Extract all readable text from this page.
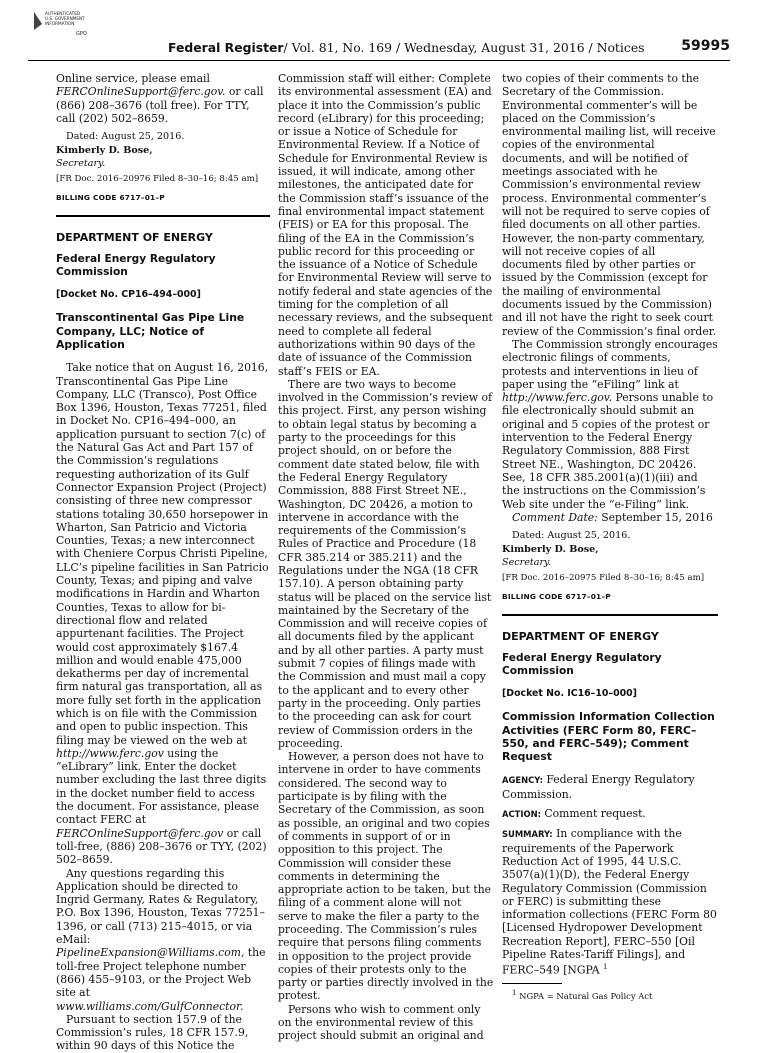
AUTHENTICATED
U.S. GOVERNMENT
INFORMATION
GPO
Federal Register/ Vol. 81, No. 169 / Wednesday, August 31, 2016 / Notices	59995

Online service, please email FERCOnlineSupport@ferc.gov. or call (866) 208–3676 (toll free). For TTY, call (202) 502–8659.

Dated: August 25, 2016.

Kimberly D. Bose,

Secretary.

[FR Doc. 2016–20976 Filed 8–30–16; 8:45 am]

BILLING CODE 6717–01–P

DEPARTMENT OF ENERGY

Federal Energy Regulatory Commission

[Docket No. CP16–494–000]

Transcontinental Gas Pipe Line Company, LLC; Notice of Application

Take notice that on August 16, 2016, Transcontinental Gas Pipe Line Company, LLC (Transco), Post Office Box 1396, Houston, Texas 77251, filed in Docket No. CP16–494–000, an application pursuant to section 7(c) of the Natural Gas Act and Part 157 of the Commission’s regulations requesting authorization of its Gulf Connector Expansion Project (Project) consisting of three new compressor stations totaling 30,650 horsepower in Wharton, San Patricio and Victoria Counties, Texas; a new interconnect with Cheniere Corpus Christi Pipeline, LLC’s pipeline facilities in San Patricio County, Texas; and piping and valve modifications in Hardin and Wharton Counties, Texas to allow for bi-directional flow and related appurtenant facilities. The Project would cost approximately $167.4 million and would enable 475,000 dekatherms per day of incremental firm natural gas transportation, all as more fully set forth in the application which is on file with the Commission and open to public inspection. This filing may be viewed on the web at http://www.ferc.gov using the “eLibrary” link. Enter the docket number excluding the last three digits in the docket number field to access the document. For assistance, please contact FERC at FERCOnlineSupport@ferc.gov or call toll-free, (886) 208–3676 or TYY, (202) 502–8659.

Any questions regarding this Application should be directed to Ingrid Germany, Rates & Regulatory, P.O. Box 1396, Houston, Texas 77251–1396, or call (713) 215–4015, or via eMail: PipelineExpansion@Williams.com, the toll-free Project telephone number (866) 455–9103, or the Project Web site at www.williams.com/GulfConnector.

Pursuant to section 157.9 of the Commission’s rules, 18 CFR 157.9, within 90 days of this Notice the

Commission staff will either: Complete its environmental assessment (EA) and place it into the Commission’s public record (eLibrary) for this proceeding; or issue a Notice of Schedule for Environmental Review. If a Notice of Schedule for Environmental Review is issued, it will indicate, among other milestones, the anticipated date for the Commission staff’s issuance of the final environmental impact statement (FEIS) or EA for this proposal. The filing of the EA in the Commission’s public record for this proceeding or the issuance of a Notice of Schedule for Environmental Review will serve to notify federal and state agencies of the timing for the completion of all necessary reviews, and the subsequent need to complete all federal authorizations within 90 days of the date of issuance of the Commission staff’s FEIS or EA.

There are two ways to become involved in the Commission’s review of this project. First, any person wishing to obtain legal status by becoming a party to the proceedings for this project should, on or before the comment date stated below, file with the Federal Energy Regulatory Commission, 888 First Street NE., Washington, DC 20426, a motion to intervene in accordance with the requirements of the Commission’s Rules of Practice and Procedure (18 CFR 385.214 or 385.211) and the Regulations under the NGA (18 CFR 157.10). A person obtaining party status will be placed on the service list maintained by the Secretary of the Commission and will receive copies of all documents filed by the applicant and by all other parties. A party must submit 7 copies of filings made with the Commission and must mail a copy to the applicant and to every other party in the proceeding. Only parties to the proceeding can ask for court review of Commission orders in the proceeding.

However, a person does not have to intervene in order to have comments considered. The second way to participate is by filing with the Secretary of the Commission, as soon as possible, an original and two copies of comments in support of or in opposition to this project. The Commission will consider these comments in determining the appropriate action to be taken, but the filing of a comment alone will not serve to make the filer a party to the proceeding. The Commission’s rules require that persons filing comments in opposition to the project provide copies of their protests only to the party or parties directly involved in the protest.

Persons who wish to comment only on the environmental review of this project should submit an original and

two copies of their comments to the Secretary of the Commission. Environmental commenter’s will be placed on the Commission’s environmental mailing list, will receive copies of the environmental documents, and will be notified of meetings associated with he Commission’s environmental review process. Environmental commenter’s will not be required to serve copies of filed documents on all other parties. However, the non-party commentary, will not receive copies of all documents filed by other parties or issued by the Commission (except for the mailing of environmental documents issued by the Commission) and ill not have the right to seek court review of the Commission’s final order.

The Commission strongly encourages electronic filings of comments, protests and interventions in lieu of paper using the “eFiling” link at http://www.ferc.gov. Persons unable to file electronically should submit an original and 5 copies of the protest or intervention to the Federal Energy Regulatory Commission, 888 First Street NE., Washington, DC 20426. See, 18 CFR 385.2001(a)(1)(iii) and the instructions on the Commission’s Web site under the “e-Filing” link.

Comment Date: September 15, 2016

Dated: August 25, 2016.

Kimberly D. Bose,

Secretary.

[FR Doc. 2016–20975 Filed 8–30–16; 8:45 am]

BILLING CODE 6717–01–P

DEPARTMENT OF ENERGY

Federal Energy Regulatory Commission

[Docket No. IC16–10–000]

Commission Information Collection Activities (FERC Form 80, FERC–550, and FERC–549); Comment Request

AGENCY: Federal Energy Regulatory Commission.

ACTION: Comment request.

SUMMARY: In compliance with the requirements of the Paperwork Reduction Act of 1995, 44 U.S.C. 3507(a)(1)(D), the Federal Energy Regulatory Commission (Commission or FERC) is submitting these information collections (FERC Form 80 [Licensed Hydropower Development Recreation Report], FERC–550 [Oil Pipeline Rates-Tariff Filings], and FERC–549 [NGPA $^1$

$^1$ NGPA = Natural Gas Policy Act
